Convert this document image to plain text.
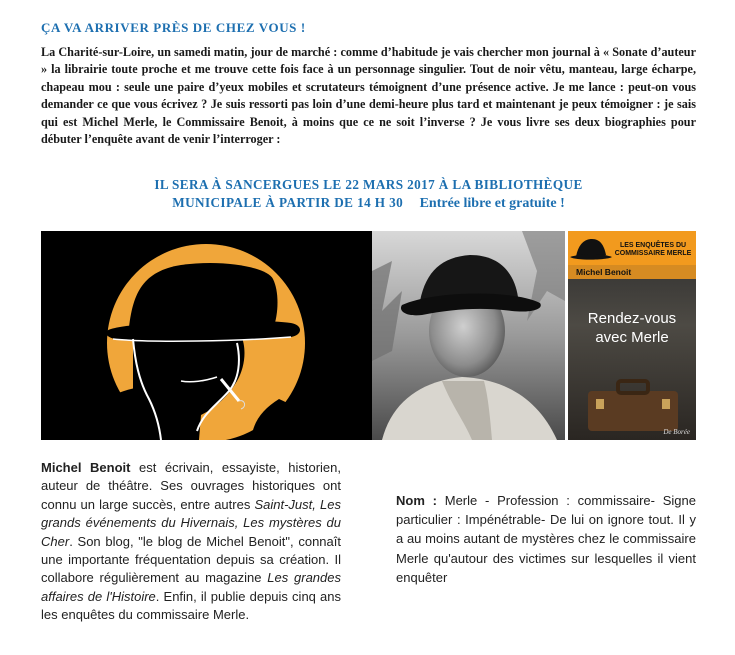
ÇA VA ARRIVER PRÈS DE CHEZ VOUS !

La Charité-sur-Loire, un samedi matin, jour de marché : comme d’habitude je vais chercher mon journal à « Sonate d’auteur » la librairie toute proche et me trouve cette fois face à un personnage singulier. Tout de noir vêtu, manteau, large écharpe, chapeau mou : seule une paire d’yeux mobiles et scrutateurs témoignent d’une présence active. Je me lance : peut-on vous demander ce que vous écrivez ? Je suis ressorti pas loin d’une demi-heure plus tard et maintenant je peux témoigner : je sais qui est Michel Merle, le Commissaire Benoit, à moins que ce ne soit l’inverse ? Je vous livre ses deux biographies pour débuter l’enquête avant de venir l’interroger :

IL SERA À SANCERGUES LE 22 MARS 2017 À LA BIBLIOTHÈQUE
MUNICIPALE À PARTIR DE 14 H 30 Entrée libre et gratuite !
LES ENQUÊTES DU COMMISSAIRE MERLE
Michel Benoit
Rendez-vous
avec Merle
De Borée

Michel Benoit est écrivain, essayiste, historien, auteur de théâtre. Ses ouvrages historiques ont connu un large succès, entre autres Saint-Just, Les grands événements du Hivernais, Les mystères du Cher. Son blog, "le blog de Michel Benoit", connaît une importante fréquentation depuis sa création. Il collabore régulièrement au magazine Les grandes affaires de l'Histoire. Enfin, il publie depuis cinq ans les enquêtes du commissaire Merle.

Nom : Merle - Profession : commissaire- Signe particulier : Impénétrable- De lui on ignore tout. Il y a au moins autant de mystères chez le commissaire Merle qu'autour des victimes sur lesquelles il vient enquêter
